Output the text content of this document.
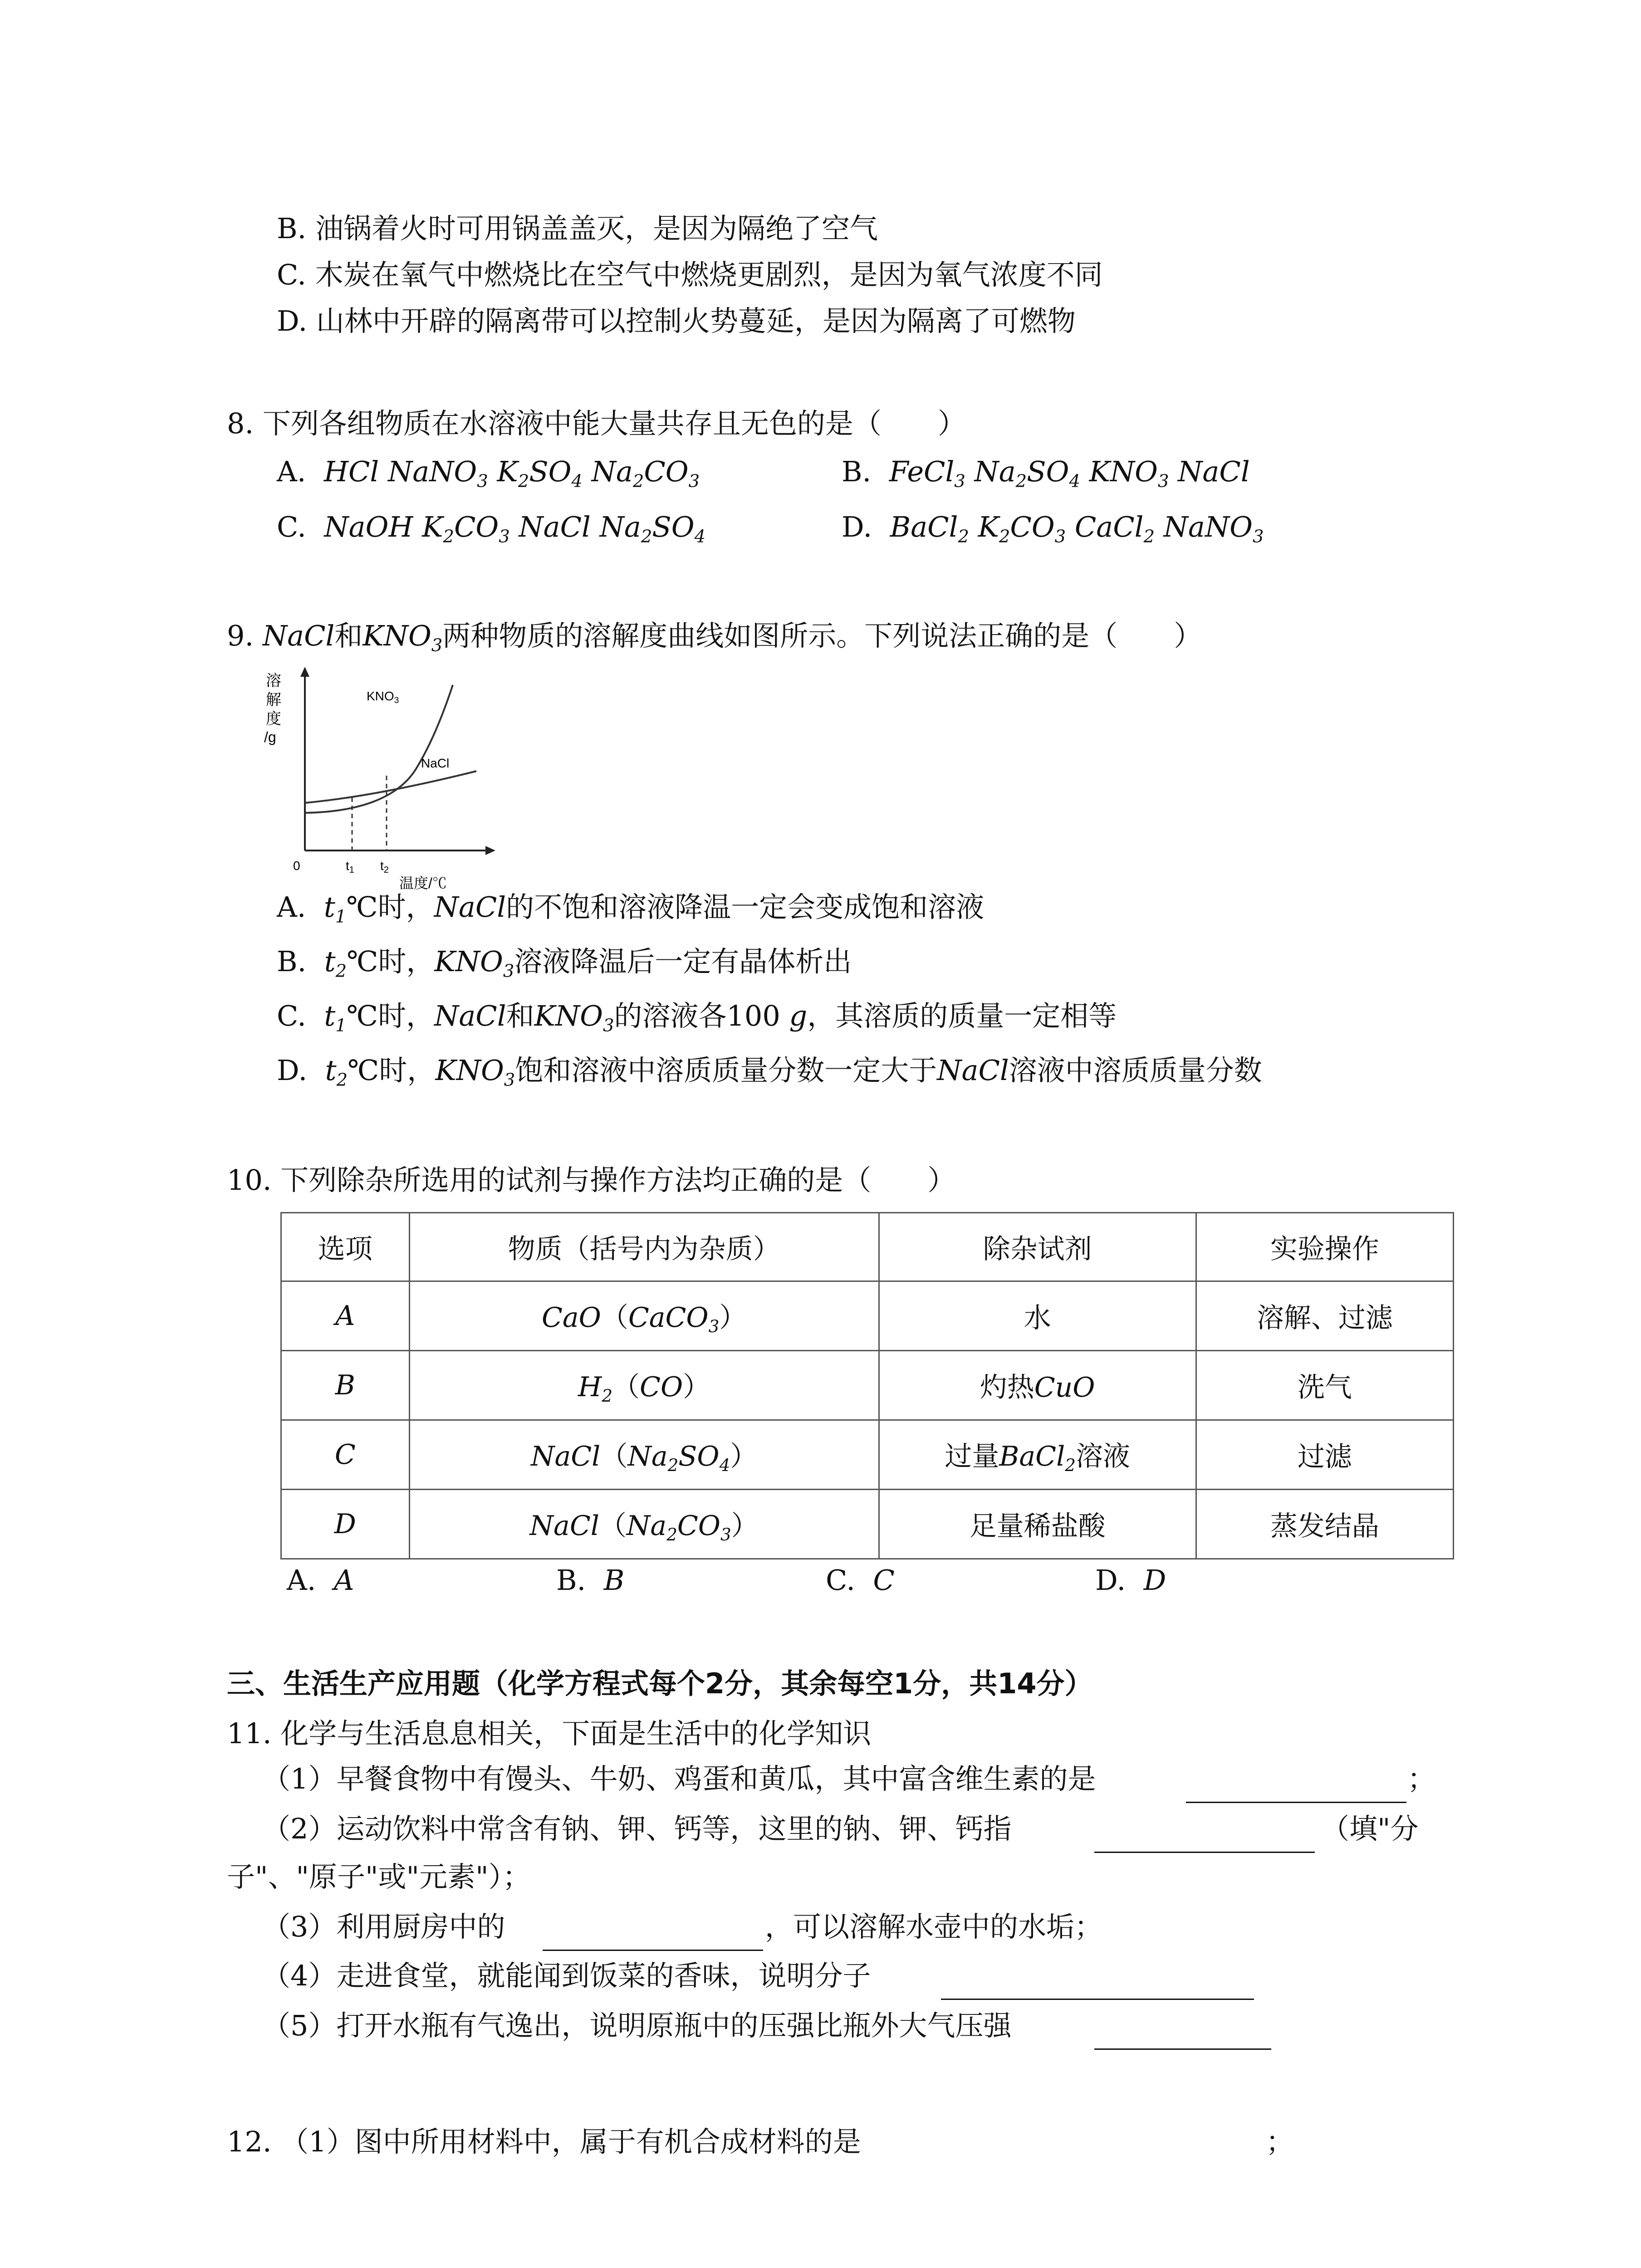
B. 油锅着火时可用锅盖盖灭，是因为隔绝了空气
C. 木炭在氧气中燃烧比在空气中燃烧更剧烈，是因为氧气浓度不同
D. 山林中开辟的隔离带可以控制火势蔓延，是因为隔离了可燃物
8. 下列各组物质在水溶液中能大量共存且无色的是（　　）
A. HCl NaNO$_3$ $K_2SO_4$ $Na_2CO_3$	B. FeCl$_3$ $Na_2SO_4$ $KNO_3$ NaCl
C. NaOH $K_2CO_3$ NaCl $Na_2SO_4$	D. BaCl$_2$ $K_2CO_3$ CaCl$_2$ NaNO$_3$
9. NaCl和$KNO_3$两种物质的溶解度曲线如图所示。下列说法正确的是（　　）
溶
解
度
/g
0	$t_1$ $t_2$
温度/℃
$KNO_3$
NaCl
A. $t_1℃$时，NaCl的不饱和溶液降温一定会变成饱和溶液
B. $t_2℃$时，$KNO_3$溶液降温后一定有晶体析出
C. $t_1℃$时，NaCl和$KNO_3$的溶液各100 g，其溶质的质量一定相等
D. $t_2℃$时，$KNO_3$饱和溶液中溶质质量分数一定大于NaCl溶液中溶质质量分数
10. 下列除杂所选用的试剂与操作方法均正确的是（　　）
选项	物质（括号内为杂质）	除杂试剂	实验操作
A	CaO（CaCO$_3$）	水	溶解、过滤
B	$H_2(CO)$	灼热CuO	洗气
C	$NaCl(Na_2SO_4)$	过量BaCl$_2$溶液	过滤
D	$NaCl(Na_2CO_3)$	足量稀盐酸	蒸发结晶
A. A	B. B	C. C	D. D
三、生活生产应用题（化学方程式每个2分，其余每空1分，共14分）
11. 化学与生活息息相关，下面是生活中的化学知识
（1）早餐食物中有馒头、牛奶、鸡蛋和黄瓜，其中富含维生素的是	；
（2）运动饮料中常含有钠、钾、钙等，这里的钠、钾、钙指	（填"分
子"、"原子"或"元素"）；
（3）利用厨房中的	，可以溶解水壶中的水垢；
（4）走进食堂，就能闻到饭菜的香味，说明分子
（5）打开水瓶有气逸出，说明原瓶中的压强比瓶外大气压强
12. （1）图中所用材料中，属于有机合成材料的是	；
